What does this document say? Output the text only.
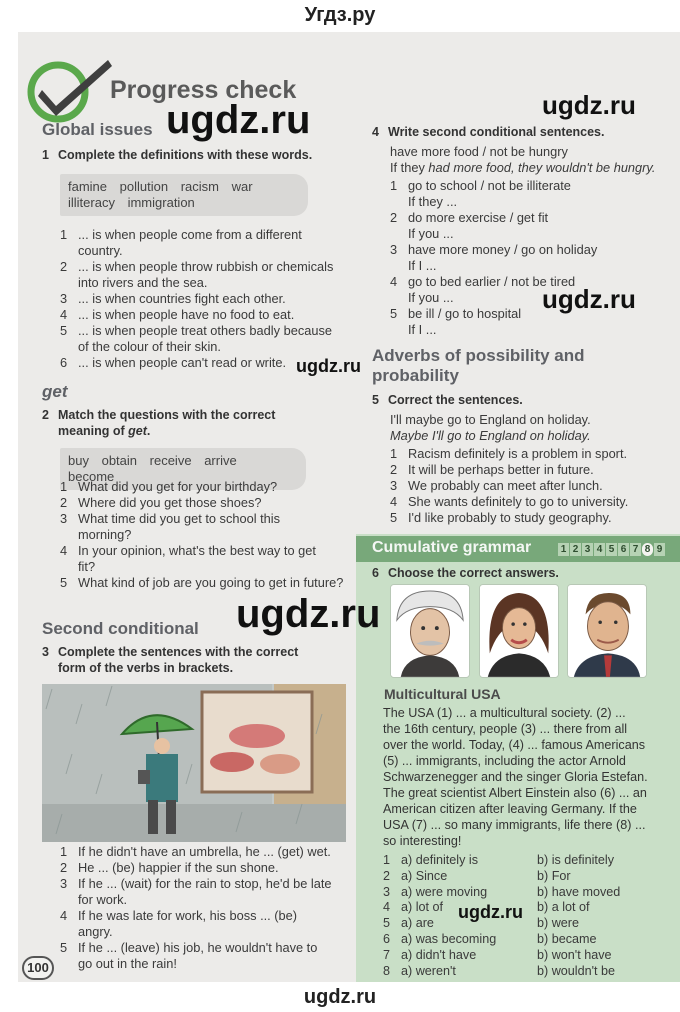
Угдз.ру
Progress check
Global issues
1 Complete the definitions with these words.
famine pollution racism war
illiteracy immigration
1 ... is when people come from a different
country.
2 ... is when people throw rubbish or chemicals
into rivers and the sea.
3 ... is when countries fight each other.
4 ... is when people have no food to eat.
5 ... is when people treat others badly because
of the colour of their skin.
6 ... is when people can't read or write.
get
2 Match the questions with the correct
meaning of get.
buy obtain receive arrive become
1 What did you get for your birthday?
2 Where did you get those shoes?
3 What time did you get to school this
morning?
4 In your opinion, what's the best way to get
fit?
5 What kind of job are you going to get in future?
Second conditional
3 Complete the sentences with the correct
form of the verbs in brackets.
1 If he didn't have an umbrella, he ... (get) wet.
2 He ... (be) happier if the sun shone.
3 If he ... (wait) for the rain to stop, he'd be late
for work.
4 If he was late for work, his boss ... (be)
angry.
5 If he ... (leave) his job, he wouldn't have to
go out in the rain!
100
4 Write second conditional sentences.
have more food / not be hungry
If they had more food, they wouldn't be hungry.
1 go to school / not be illiterate
If they ...
2 do more exercise / get fit
If you ...
3 have more money / go on holiday
If I ...
4 go to bed earlier / not be tired
If you ...
5 be ill / go to hospital
If I ...
Adverbs of possibility and
probability
5 Correct the sentences.
I'll maybe go to England on holiday.
Maybe I'll go to England on holiday.
1 Racism definitely is a problem in sport.
2 It will be perhaps better in future.
3 We probably can meet after lunch.
4 She wants definitely to go to university.
5 I'd like probably to study geography.
Cumulative grammar	1 2 3 4 5 6 7 8 9
6 Choose the correct answers.
Multicultural USA
The USA (1) ... a multicultural society. (2) ...
the 16th century, people (3) ... there from all
over the world. Today, (4) ... famous Americans
(5) ... immigrants, including the actor Arnold
Schwarzenegger and the singer Gloria Estefan.
The great scientist Albert Einstein also (6) ... an
American citizen after leaving Germany. If the
USA (7) ... so many immigrants, life there (8) ...
so interesting!
1 a) definitely is	b) is definitely
2 a) Since	b) For
3 a) were moving	b) have moved
4 a) lot of	b) a lot of
5 a) are	b) were
6 a) was becoming	b) became
7 a) didn't have	b) won't have
8 a) weren't	b) wouldn't be
ugdz.ru	ugdz.ru
ugdz.ru
ugdz.ru
ugdz.ru
ugdz.ru
ugdz.ru
